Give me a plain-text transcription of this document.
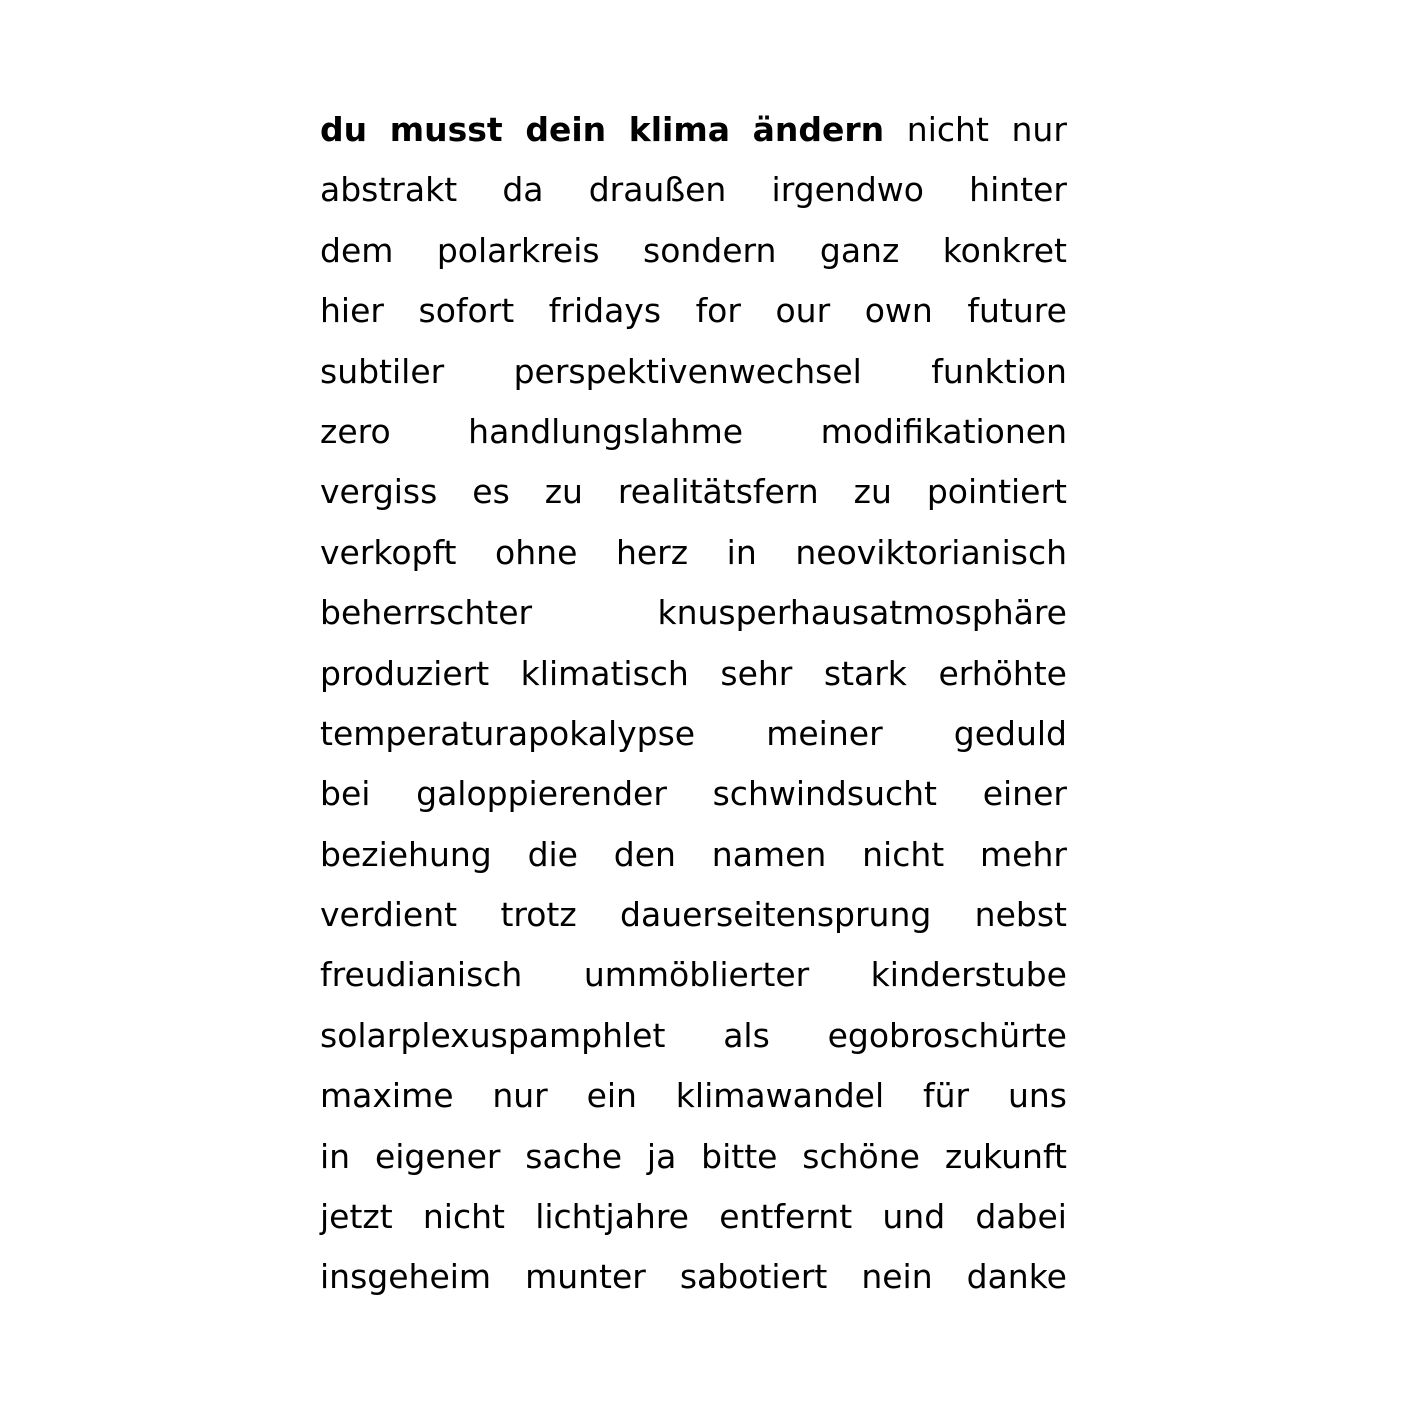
du musst dein klima ändern nicht nur
abstrakt da draußen irgendwo hinter
dem polarkreis sondern ganz konkret
hier sofort fridays for our own future
subtiler perspektivenwechsel funktion
zero handlungslahme modifikationen
vergiss es zu realitätsfern zu pointiert
verkopft ohne herz in neoviktorianisch
beherrschter	knusperhausatmosphäre
produziert klimatisch sehr stark erhöhte
temperaturapokalypse meiner geduld
bei galoppierender schwindsucht einer
beziehung die den namen nicht mehr
verdient trotz dauerseitensprung nebst
freudianisch ummöblierter kinderstube
solarplexuspamphlet als egobroschürte
maxime nur ein klimawandel für uns
in eigener sache ja bitte schöne zukunft
jetzt nicht lichtjahre entfernt und dabei
insgeheim munter sabotiert nein danke
